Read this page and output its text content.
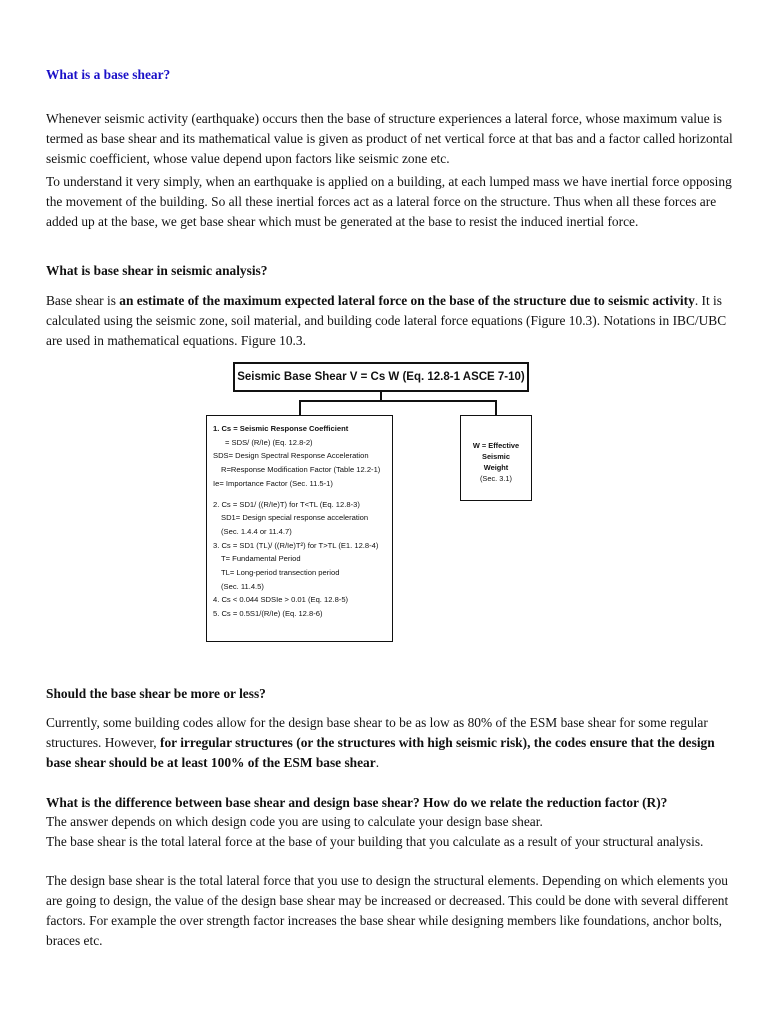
What is a base shear?

Whenever seismic activity (earthquake) occurs then the base of structure experiences a lateral force, whose maximum value is termed as base shear and its mathematical value is given as product of net vertical force at that bas and a factor called horizontal seismic coefficient, whose value depend upon factors like seismic zone etc.

To understand it very simply, when an earthquake is applied on a building, at each lumped mass we have inertial force opposing the movement of the building. So all these inertial forces act as a lateral force on the structure. Thus when all these forces are added up at the base, we get base shear which must be generated at the base to resist the induced inertial force.

What is base shear in seismic analysis?

Base shear is an estimate of the maximum expected lateral force on the base of the structure due to seismic activity. It is calculated using the seismic zone, soil material, and building code lateral force equations (Figure 10.3). Notations in IBC/UBC are used in mathematical equations. Figure 10.3.

Should the base shear be more or less?

Currently, some building codes allow for the design base shear to be as low as 80% of the ESM base shear for some regular structures. However, for irregular structures (or the structures with high seismic risk), the codes ensure that the design base shear should be at least 100% of the ESM base shear.

What is the difference between base shear and design base shear? How do we relate the reduction factor (R)?

The answer depends on which design code you are using to calculate your design base shear.

The base shear is the total lateral force at the base of your building that you calculate as a result of your structural analysis.

The design base shear is the total lateral force that you use to design the structural elements. Depending on which elements you are going to design, the value of the design base shear may be increased or decreased. This could be done with several different factors. For example the over strength factor increases the base shear while designing members like foundations, anchor bolts, braces etc.

Seismic Base Shear V = Cs W (Eq. 12.8-1 ASCE 7-10)
1. Cs = Seismic Response Coefficient
= SDS/ (R/Ie) (Eq. 12.8-2)
SDS= Design Spectral Response Acceleration
R=Response Modification Factor (Table 12.2-1)
Ie= Importance Factor (Sec. 11.5-1)
2. Cs = SD1/ ((R/Ie)T) for T<TL (Eq. 12.8-3)
SD1= Design special response acceleration
(Sec. 1.4.4 or 11.4.7)
3. Cs = SD1 (TL)/ ((R/Ie)T²) for T>TL (E1. 12.8-4)
T= Fundamental Period
TL= Long-period transection period
(Sec. 11.4.5)
4. Cs < 0.044 SDSIe > 0.01 (Eq. 12.8-5)
5. Cs = 0.5S1/(R/Ie) (Eq. 12.8-6)
W = Effective Seismic
Weight
(Sec. 3.1)
